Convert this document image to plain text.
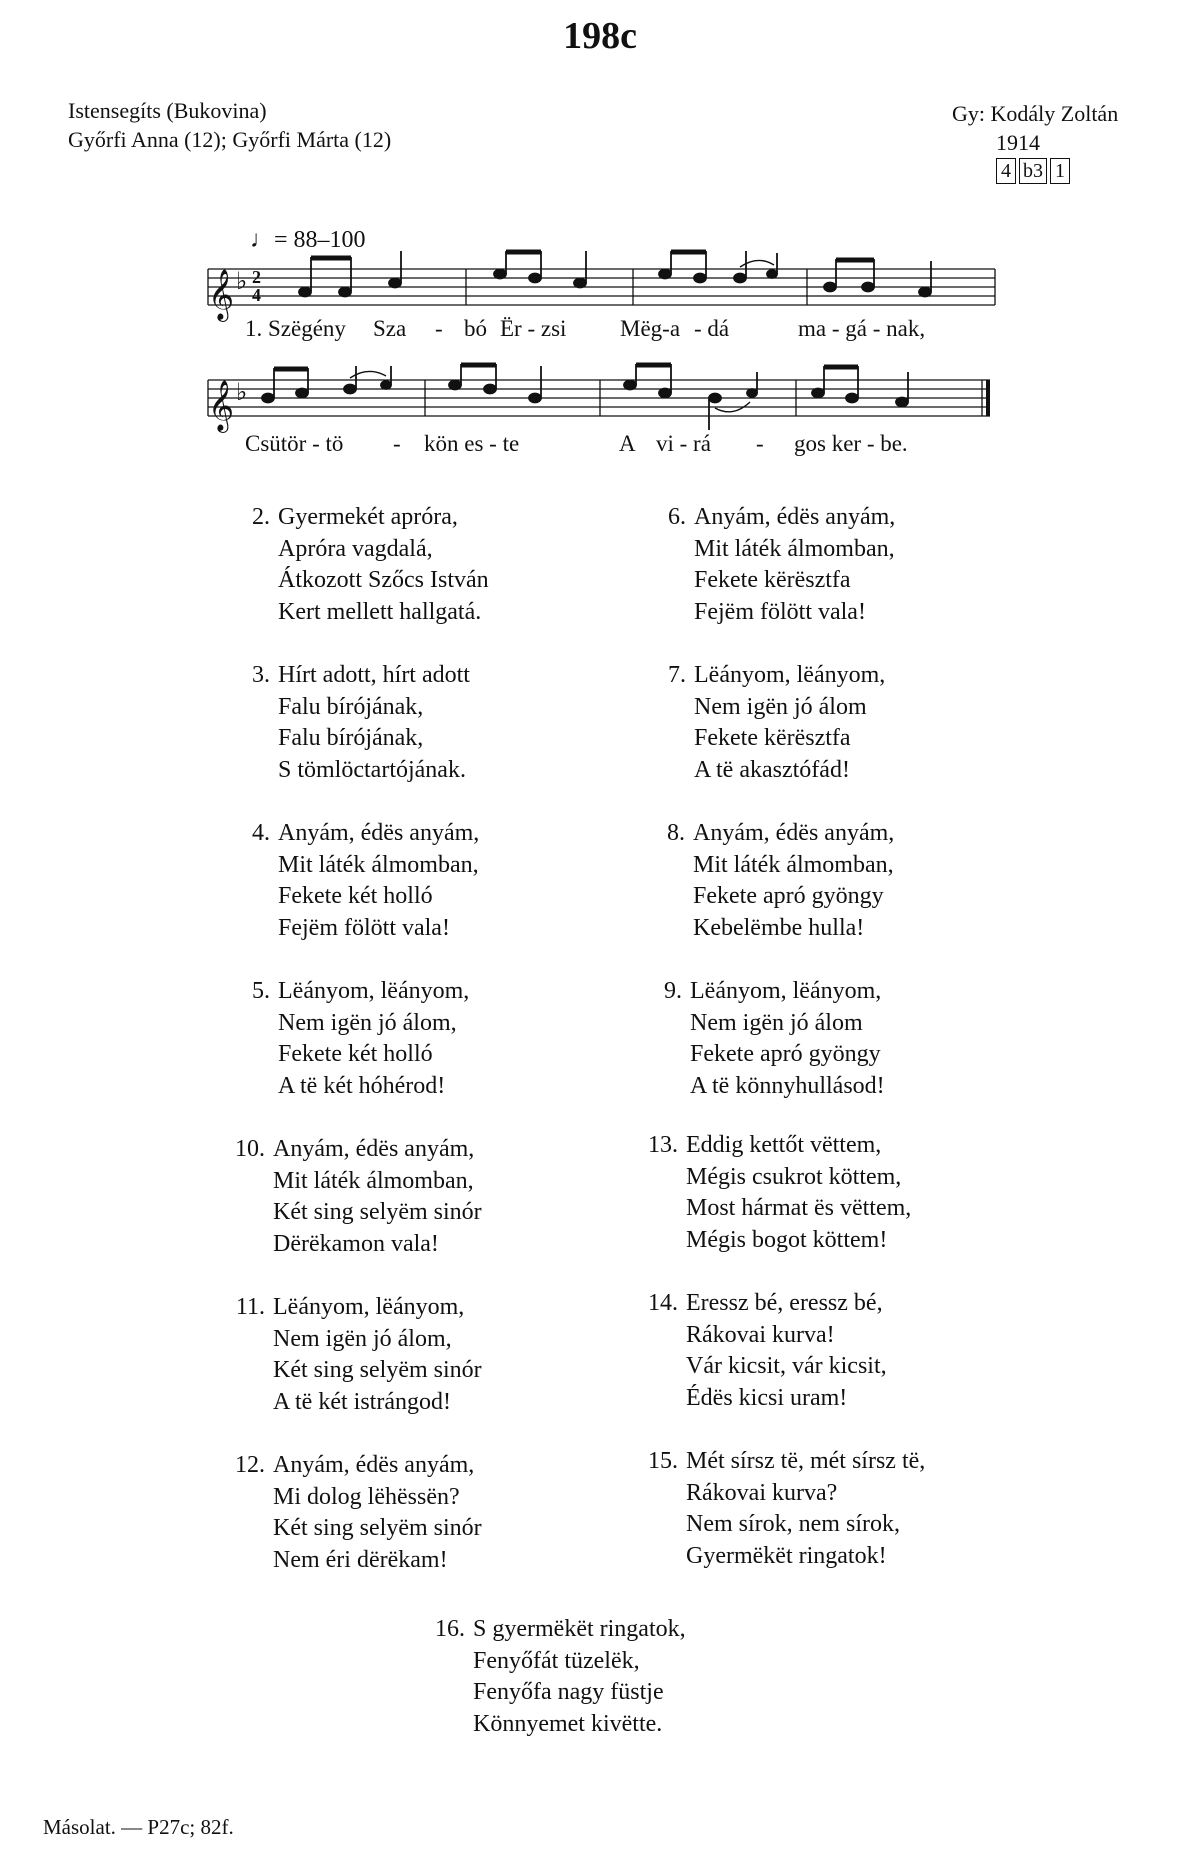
198c
Istensegíts (Bukovina)
Győrfi Anna (12); Győrfi Márta (12)
Gy: Kodály Zoltán
1914
4 b3 1
♩= 88–100
𝄞 ♭ 2
4
1. Szëgény Sza - bó Ër - zsi Mëg-a - dá	ma - gá - nak,
𝄞 ♭
Csütör - tö - kön es - te	A vi - rá - gos ker - be.
2. Gyermekét apróra,
Apróra vagdalá,
Átkozott Szőcs István
Kert mellett hallgatá.
3. Hírt adott, hírt adott
Falu bírójának,
Falu bírójának,
S tömlöctartójának.
4. Anyám, édës anyám,
Mit láték álmomban,
Fekete két holló
Fejëm fölött vala!
5. Lëányom, lëányom,
Nem igën jó álom,
Fekete két holló
A të két hóhérod!
10. Anyám, édës anyám,
Mit láték álmomban,
Két sing selyëm sinór
Dërëkamon vala!
11. Lëányom, lëányom,
Nem igën jó álom,
Két sing selyëm sinór
A të két istrángod!
12. Anyám, édës anyám,
Mi dolog lëhëssën?
Két sing selyëm sinór
Nem éri dërëkam!
6. Anyám, édës anyám,
Mit láték álmomban,
Fekete kërësztfa
Fejëm fölött vala!
7. Lëányom, lëányom,
Nem igën jó álom
Fekete kërësztfa
A të akasztófád!
8. Anyám, édës anyám,
Mit láték álmomban,
Fekete apró gyöngy
Kebelëmbe hulla!
9. Lëányom, lëányom,
Nem igën jó álom
Fekete apró gyöngy
A të könnyhullásod!
13. Eddig kettőt vëttem,
Mégis csukrot köttem,
Most hármat ës vëttem,
Mégis bogot köttem!
14. Eressz bé, eressz bé,
Rákovai kurva!
Vár kicsit, vár kicsit,
Édës kicsi uram!
15. Mét sírsz të, mét sírsz të,
Rákovai kurva?
Nem sírok, nem sírok,
Gyermëkët ringatok!
16. S gyermëkët ringatok,
Fenyőfát tüzelëk,
Fenyőfa nagy füstje
Könnyemet kivëtte.
Másolat. — P27c; 82f.
